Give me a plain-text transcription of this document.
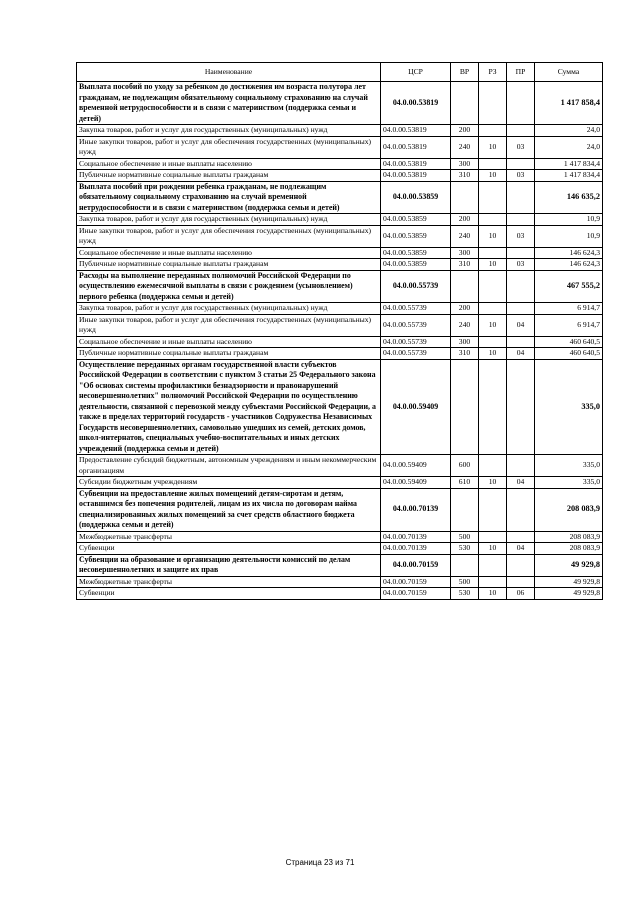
Наименование	ЦСР	ВР	РЗ	ПР	Сумма
Выплата пособий по уходу за ребенком до достижения им возраста полутора лет гражданам, не подлежащим обязательному социальному страхованию на случай временной нетрудоспособности и в связи с материнством (поддержка семьи и детей)	04.0.00.53819				1 417 858,4
Закупка товаров, работ и услуг для государственных (муниципальных) нужд	04.0.00.53819	200			24,0
Иные закупки товаров, работ и услуг для обеспечения государственных (муниципальных) нужд	04.0.00.53819	240	10	03	24,0
Социальное обеспечение и иные выплаты населению	04.0.00.53819	300			1 417 834,4
Публичные нормативные социальные выплаты гражданам	04.0.00.53819	310	10	03	1 417 834,4
Выплата пособий при рождении ребенка гражданам, не подлежащим обязательному социальному страхованию на случай временной нетрудоспособности и в связи с материнством (поддержка семьи и детей)	04.0.00.53859				146 635,2
Закупка товаров, работ и услуг для государственных (муниципальных) нужд	04.0.00.53859	200			10,9
Иные закупки товаров, работ и услуг для обеспечения государственных (муниципальных) нужд	04.0.00.53859	240	10	03	10,9
Социальное обеспечение и иные выплаты населению	04.0.00.53859	300			146 624,3
Публичные нормативные социальные выплаты гражданам	04.0.00.53859	310	10	03	146 624,3
Расходы на выполнение переданных полномочий Российской Федерации по осуществлению ежемесячной выплаты в связи с рождением (усыновлением) первого ребенка (поддержка семьи и детей)	04.0.00.55739				467 555,2
Закупка товаров, работ и услуг для государственных (муниципальных) нужд	04.0.00.55739	200			6 914,7
Иные закупки товаров, работ и услуг для обеспечения государственных (муниципальных) нужд	04.0.00.55739	240	10	04	6 914,7
Социальное обеспечение и иные выплаты населению	04.0.00.55739	300			460 640,5
Публичные нормативные социальные выплаты гражданам	04.0.00.55739	310	10	04	460 640,5
Осуществление переданных органам государственной власти субъектов Российской Федерации в соответствии с пунктом 3 статьи 25 Федерального закона "Об основах системы профилактики безнадзорности и правонарушений несовершеннолетних" полномочий Российской Федерации по осуществлению деятельности, связанной с перевозкой между субъектами Российской Федерации, а также в пределах территорий государств - участников Содружества Независимых Государств несовершеннолетних, самовольно ушедших из семей, детских домов, школ-интернатов, специальных учебно-воспитательных и иных детских учреждений (поддержка семьи и детей)	04.0.00.59409				335,0
Предоставление субсидий бюджетным, автономным учреждениям и иным некоммерческим организациям	04.0.00.59409	600			335,0
Субсидии бюджетным учреждениям	04.0.00.59409	610	10	04	335,0
Субвенции на предоставление жилых помещений детям-сиротам и детям, оставшимся без попечения родителей, лицам из их числа по договорам найма специализированных жилых помещений за счет средств областного бюджета (поддержка семьи и детей)	04.0.00.70139				208 083,9
Межбюджетные трансферты	04.0.00.70139	500			208 083,9
Субвенции	04.0.00.70139	530	10	04	208 083,9
Субвенции на образование и организацию деятельности комиссий по делам несовершеннолетних и защите их прав	04.0.00.70159				49 929,8
Межбюджетные трансферты	04.0.00.70159	500			49 929,8
Субвенции	04.0.00.70159	530	10	06	49 929,8
Страница 23 из 71
